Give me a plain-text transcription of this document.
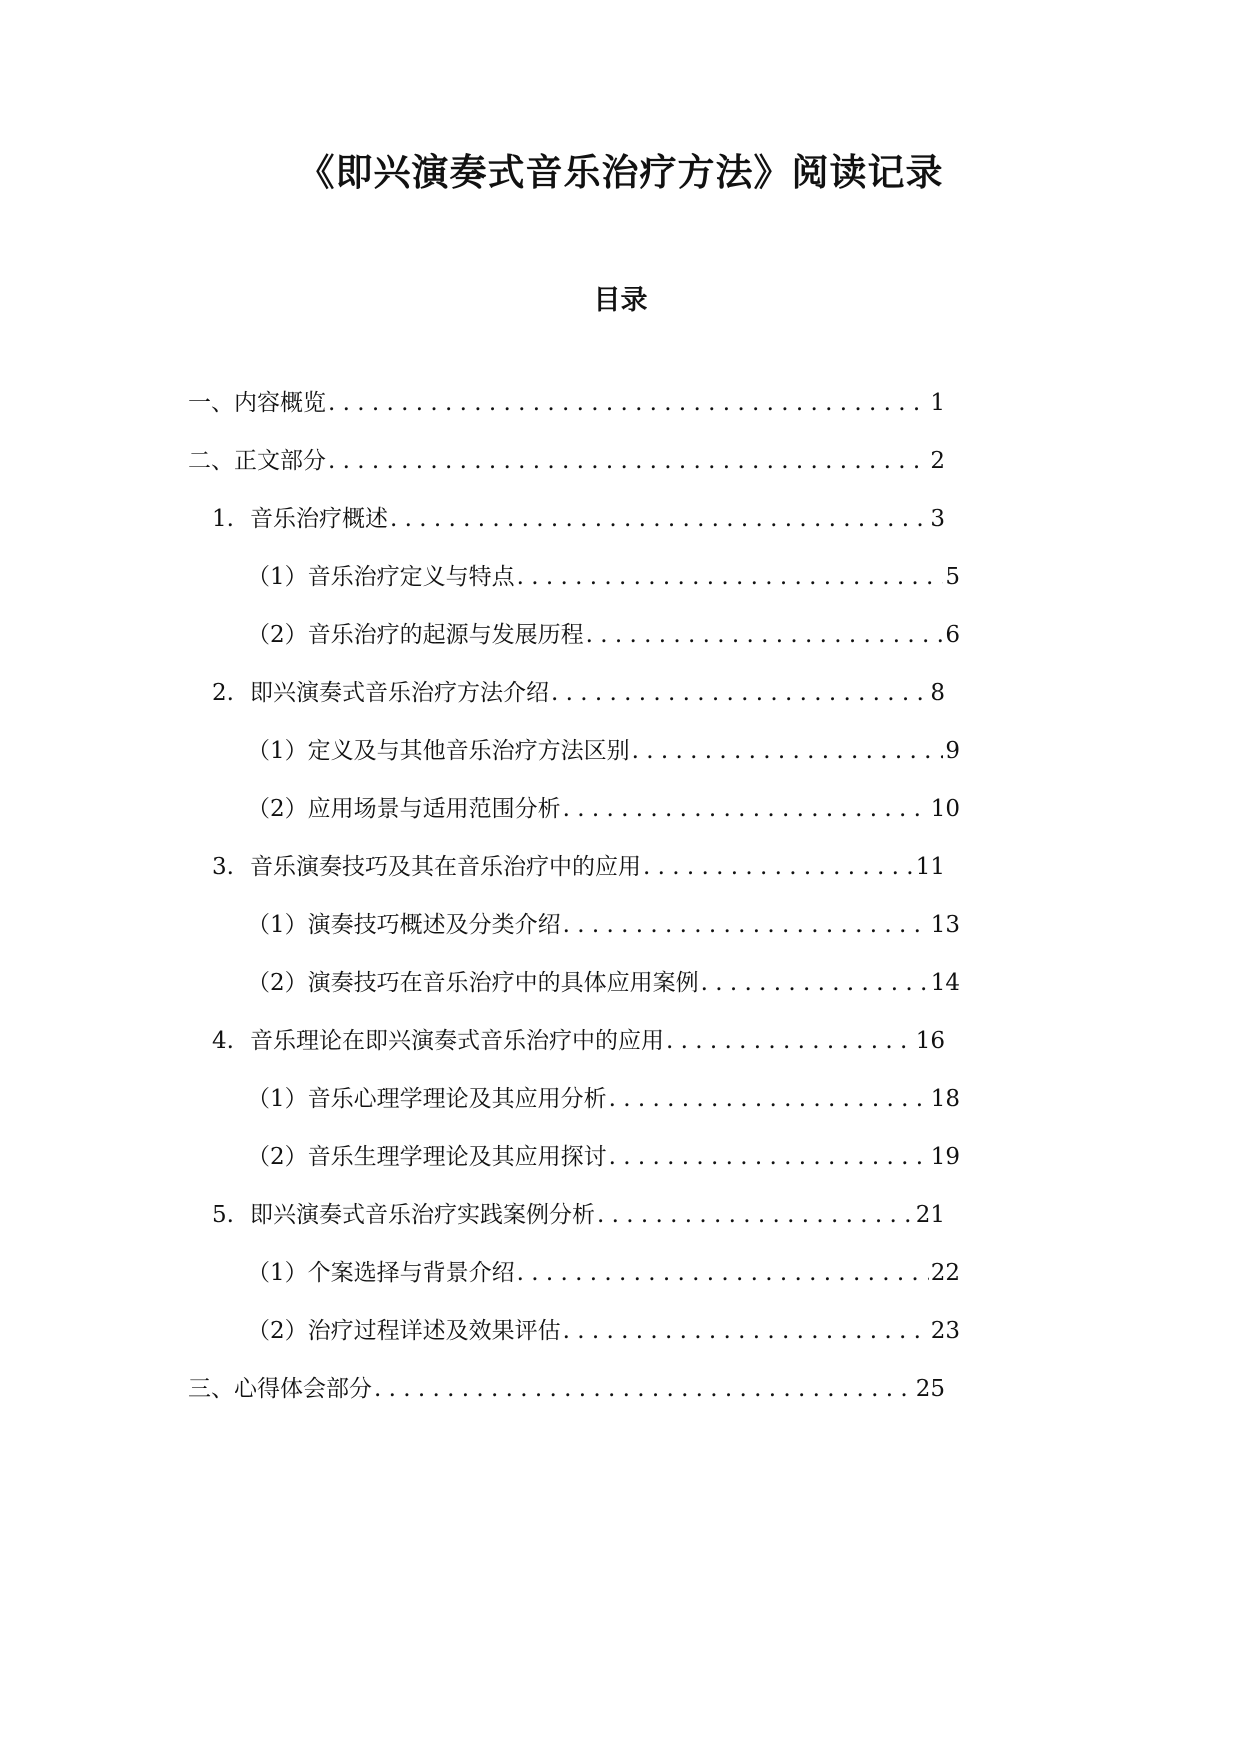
《即兴演奏式音乐治疗方法》阅读记录
目录
一、内容概览 . . .	1
二、正文部分 . . .	2
1. 音乐治疗概述 . . .	3
（1）音乐治疗定义与特点 . . .	5
（2）音乐治疗的起源与发展历程 . . .	6
2. 即兴演奏式音乐治疗方法介绍 . . .	8
（1）定义及与其他音乐治疗方法区别 . . .	9
（2）应用场景与适用范围分析 . . .	10
3. 音乐演奏技巧及其在音乐治疗中的应用 . . .	11
（1）演奏技巧概述及分类介绍 . . .	13
（2）演奏技巧在音乐治疗中的具体应用案例 . . .	14
4. 音乐理论在即兴演奏式音乐治疗中的应用 . . .	16
（1）音乐心理学理论及其应用分析 . . .	18
（2）音乐生理学理论及其应用探讨 . . .	19
5. 即兴演奏式音乐治疗实践案例分析 . . .	21
（1）个案选择与背景介绍 . . .	22
（2）治疗过程详述及效果评估 . . .	23
三、心得体会部分 . . .	25
